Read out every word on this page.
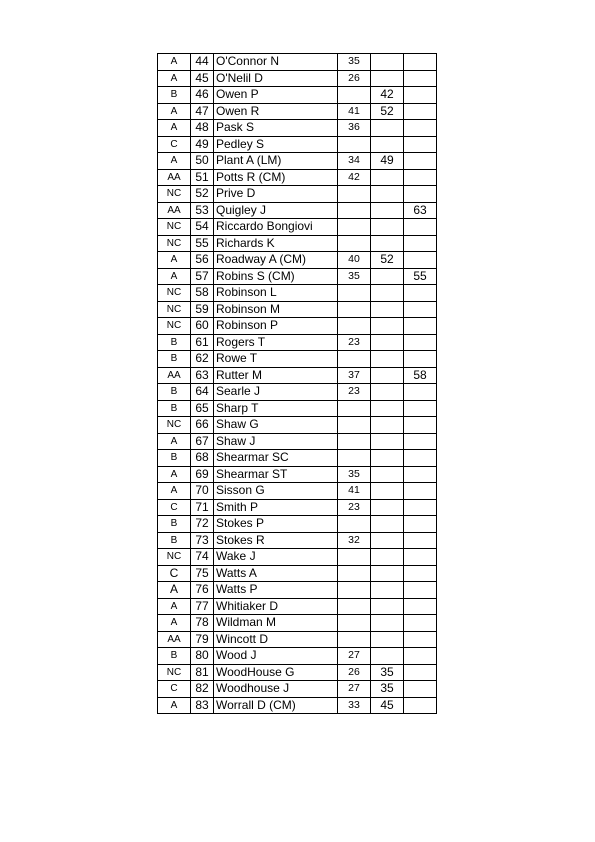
A	44	O'Connor N	35		
A	45	O'Nelil D	26		
B	46	Owen P		42	
A	47	Owen R	41	52	
A	48	Pask S	36		
C	49	Pedley S			
A	50	Plant A (LM)	34	49	
AA	51	Potts R (CM)	42		
NC	52	Prive D			
AA	53	Quigley J			63
NC	54	Riccardo Bongiovi			
NC	55	Richards K			
A	56	Roadway A (CM)	40	52	
A	57	Robins S (CM)	35		55
NC	58	Robinson L			
NC	59	Robinson M			
NC	60	Robinson P			
B	61	Rogers T	23		
B	62	Rowe T			
AA	63	Rutter M	37		58
B	64	Searle J	23		
B	65	Sharp T			
NC	66	Shaw G			
A	67	Shaw J			
B	68	Shearmar SC			
A	69	Shearmar ST	35		
A	70	Sisson G	41		
C	71	Smith P	23		
B	72	Stokes P			
B	73	Stokes R	32		
NC	74	Wake J			
C	75	Watts A			
A	76	Watts P			
A	77	Whitiaker D			
A	78	Wildman M			
AA	79	Wincott D			
B	80	Wood J	27		
NC	81	WoodHouse G	26	35	
C	82	Woodhouse J	27	35	
A	83	Worrall D (CM)	33	45	
